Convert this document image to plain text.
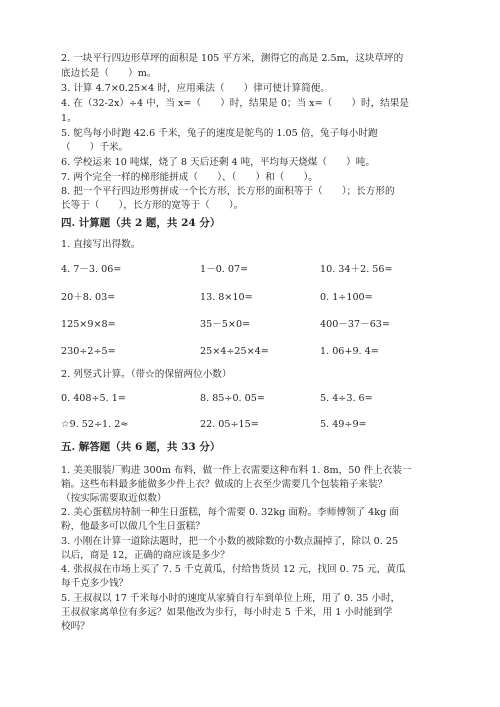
2. 一块平行四边形草坪的面积是 105 平方米，测得它的高是 2.5m，这块草坪的
底边长是（　　）m。
3. 计算 4.7×0.25×4 时，应用乘法（　　）律可使计算简便。
4. 在（32-2x）÷4 中，当 x=（　　）时，结果是 0；当 x=（　　）时，结果是
1。
5. 鸵鸟每小时跑 42.6 千米，兔子的速度是鸵鸟的 1.05 倍，兔子每小时跑
（　　）千米。
6. 学校运来 10 吨煤，烧了 8 天后还剩 4 吨，平均每天烧煤（　　）吨。
7. 两个完全一样的梯形能拼成（　　）、（　　）和（　　）。
8. 把一个平行四边形剪拼成一个长方形，长方形的面积等于（　　）；长方形的
长等于（　　），长方形的宽等于（　　）。
四. 计算题（共 2 题，共 24 分）
1. 直接写出得数。
4. 7－3. 06=	1－0. 07=	10. 34＋2. 56=
20＋8. 03=	13. 8×10=	0. 1÷100=
125×9×8=	35－5×0=	400－37－63=
230÷2÷5=	25×4÷25×4=	1. 06+9. 4=
2. 列竖式计算。（带☆的保留两位小数）
0. 408÷5. 1=	8. 85÷0. 05=	5. 4÷3. 6=
☆9. 52÷1. 2≈	22. 05÷15=	5. 49÷9=
五. 解答题（共 6 题，共 33 分）
1. 美美服装厂购进 300m 布料，做一件上衣需要这种布料 1. 8m，50 件上衣装一
箱。这些布料最多能做多少件上衣？做成的上衣至少需要几个包装箱子来装？
（按实际需要取近似数）
2. 美心蛋糕房特制一种生日蛋糕，每个需要 0. 32kg 面粉。李师傅领了 4kg 面
粉，他最多可以做几个生日蛋糕？
3. 小刚在计算一道除法题时，把一个小数的被除数的小数点漏掉了，除以 0. 25
以后，商是 12，正确的商应该是多少？
4. 张叔叔在市场上买了 7. 5 千克黄瓜，付给售货员 12 元，找回 0. 75 元，黄瓜
每千克多少钱？
5. 王叔叔以 17 千米每小时的速度从家骑自行车到单位上班，用了 0. 35 小时，
王叔叔家离单位有多远？如果他改为步行，每小时走 5 千米，用 1 小时能到学
校吗？
